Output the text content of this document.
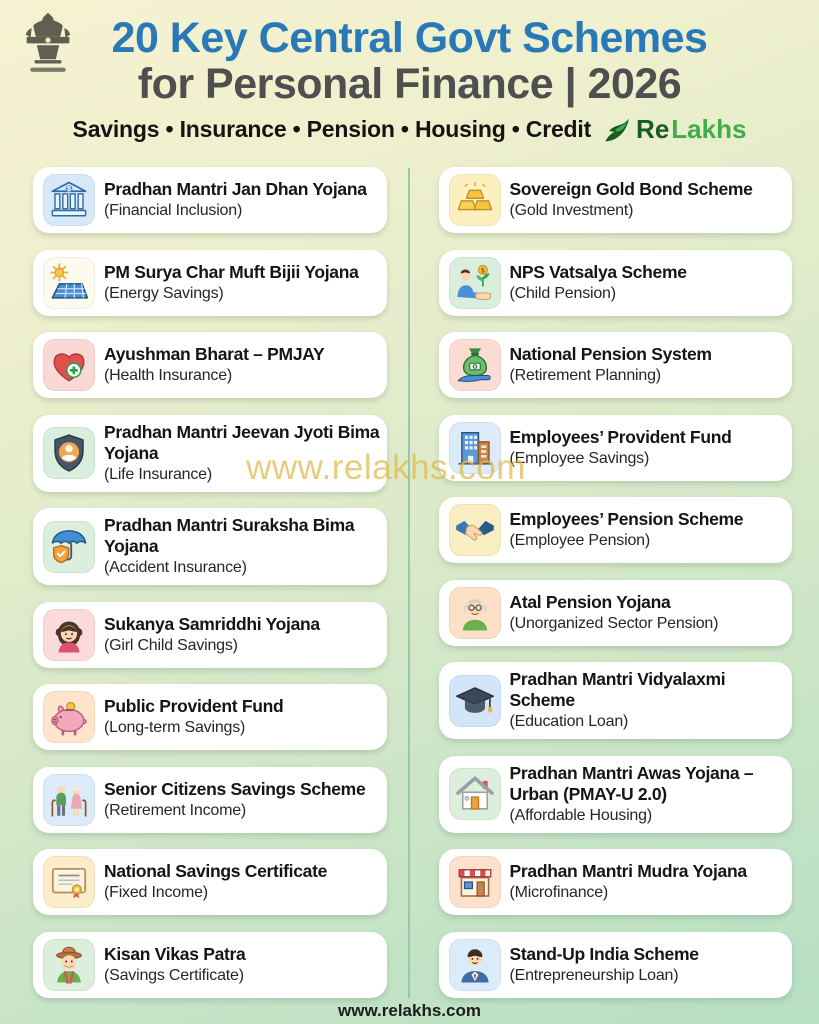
20 Key Central Govt Schemes
for Personal Finance | 2026
Savings • Insurance • Pension • Housing • Credit Re Lakhs
$ Pradhan Mantri Jan Dhan Yojana
(Financial Inclusion)
PM Surya Char Muft Bijii Yojana
(Energy Savings)
Ayushman Bharat – PMJAY
(Health Insurance)
Pradhan Mantri Jeevan Jyoti Bima Yojana
(Life Insurance)
Pradhan Mantri Suraksha Bima Yojana
(Accident Insurance)
Sukanya Samriddhi Yojana
(Girl Child Savings)
Public Provident Fund
(Long-term Savings)
Senior Citizens Savings Scheme
(Retirement Income)
National Savings Certificate
(Fixed Income)
Kisan Vikas Patra
(Savings Certificate)
Sovereign Gold Bond Scheme
(Gold Investment)
$ NPS Vatsalya Scheme
(Child Pension)
National Pension System
(Retirement Planning)
Employees’ Provident Fund
(Employee Savings)
Employees’ Pension Scheme
(Employee Pension)
Atal Pension Yojana
(Unorganized Sector Pension)
Pradhan Mantri Vidyalaxmi Scheme
(Education Loan)
Pradhan Mantri Awas Yojana – Urban (PMAY-U 2.0)
(Affordable Housing)
Pradhan Mantri Mudra Yojana
(Microfinance)
Stand-Up India Scheme
(Entrepreneurship Loan)
www.relakhs.com
www.relakhs.com
